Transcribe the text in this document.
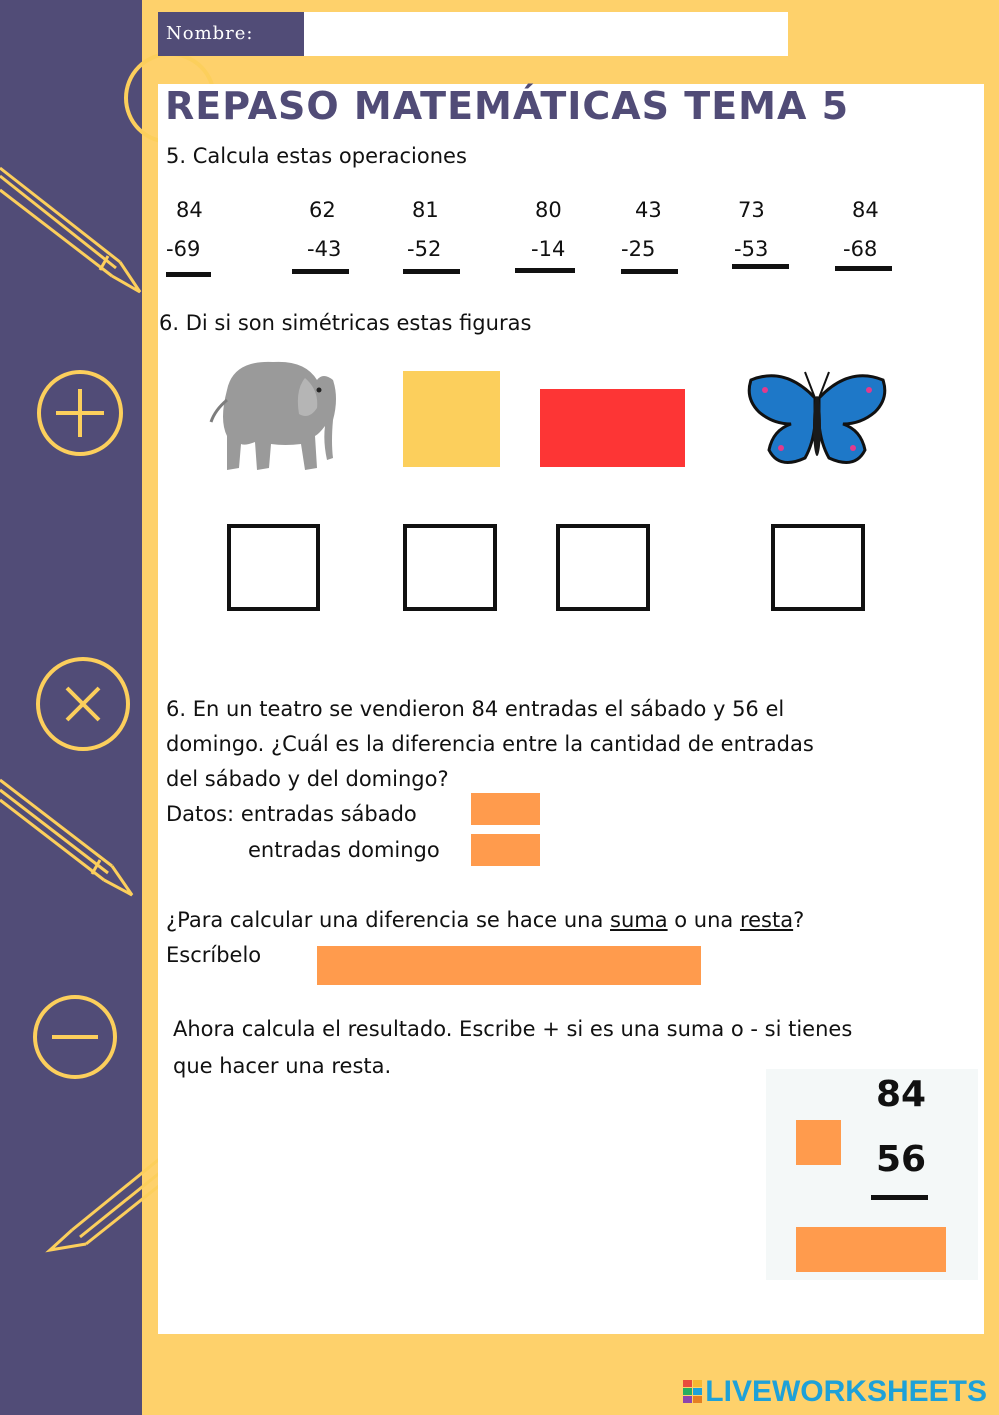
Nombre:
REPASO MATEMÁTICAS TEMA 5
5. Calcula estas operaciones
84
-69
62
-43
81
-52
80
-14
43
-25
73
-53
84
-68
6. Di si son simétricas estas figuras
6. En un teatro se vendieron 84 entradas el sábado y 56 el
domingo. ¿Cuál es la diferencia entre la cantidad de entradas
del sábado y del domingo?
Datos: entradas sábado
entradas domingo
¿Para calcular una diferencia se hace una suma o una resta?
Escríbelo
Ahora calcula el resultado. Escribe + si es una suma o - si tienes
que hacer una resta.
84
56
LIVEWORKSHEETS
